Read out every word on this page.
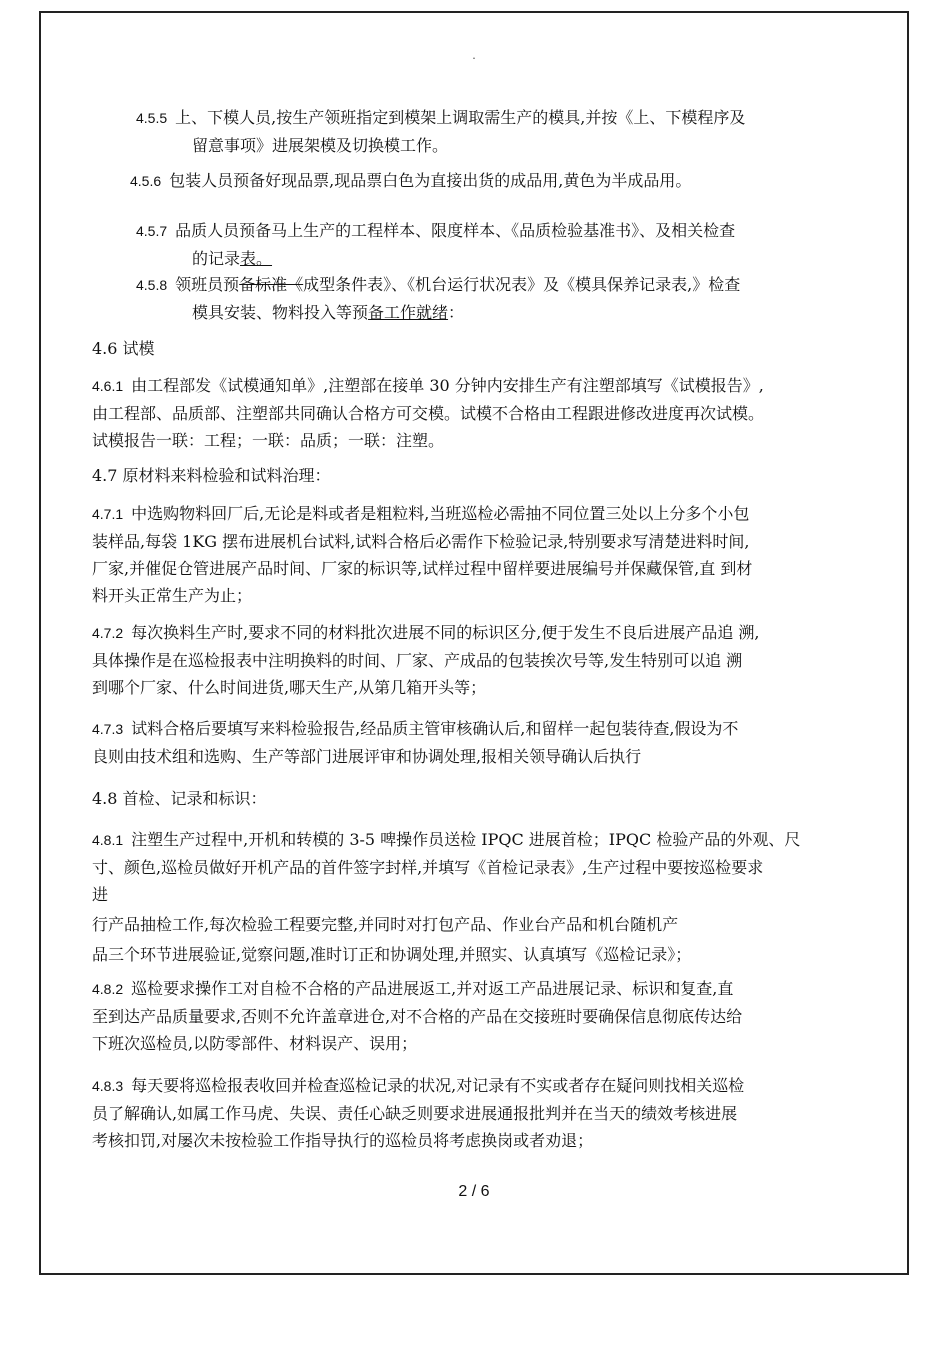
.
4.5.5 上、下模人员,按生产领班指定到模架上调取需生产的模具,并按《上、下模程序及
留意事项》进展架模及切换模工作。
4.5.6 包装人员预备好现品票,现品票白色为直接出货的成品用,黄色为半成品用。
4.5.7 品质人员预备马上生产的工程样本、限度样本、《品质检验基准书》、及相关检查
的记录表。
4.5.8 领班员预备标准《成型条件表》、《机台运行状况表》及《模具保养记录表,》检查
模具安装、物料投入等预备工作就绪：
4.6 试模
4.6.1 由工程部发《试模通知单》,注塑部在接单 30 分钟内安排生产有注塑部填写《试模报告》,
由工程部、品质部、注塑部共同确认合格方可交模。试模不合格由工程跟进修改进度再次试模。
试模报告一联：工程；一联：品质；一联：注塑。
4.7 原材料来料检验和试料治理：
4.7.1 中选购物料回厂后,无论是料或者是粗粒料,当班巡检必需抽不同位置三处以上分多个小包
装样品,每袋 1KG 摆布进展机台试料,试料合格后必需作下检验记录,特别要求写清楚进料时间,
厂家,并催促仓管进展产品时间、厂家的标识等,试样过程中留样要进展编号并保藏保管,直 到材
料开头正常生产为止；
4.7.2 每次换料生产时,要求不同的材料批次进展不同的标识区分,便于发生不良后进展产品追 溯,
具体操作是在巡检报表中注明换料的时间、厂家、产成品的包装挨次号等,发生特别可以追 溯
到哪个厂家、什么时间进货,哪天生产,从第几箱开头等；
4.7.3 试料合格后要填写来料检验报告,经品质主管审核确认后,和留样一起包装待查,假设为不
良则由技术组和选购、生产等部门进展评审和协调处理,报相关领导确认后执行
4.8 首检、记录和标识：
4.8.1 注塑生产过程中,开机和转模的 3-5 啤操作员送检 IPQC 进展首检；IPQC 检验产品的外观、尺
寸、颜色,巡检员做好开机产品的首件签字封样,并填写《首检记录表》,生产过程中要按巡检要求
进
行产品抽检工作,每次检验工程要完整,并同时对打包产品、作业台产品和机台随机产
品三个环节进展验证,觉察问题,准时订正和协调处理,并照实、认真填写《巡检记录》；
4.8.2 巡检要求操作工对自检不合格的产品进展返工,并对返工产品进展记录、标识和复查,直
至到达产品质量要求,否则不允许盖章进仓,对不合格的产品在交接班时要确保信息彻底传达给
下班次巡检员,以防零部件、材料误产、误用；
4.8.3 每天要将巡检报表收回并检查巡检记录的状况,对记录有不实或者存在疑问则找相关巡检
员了解确认,如属工作马虎、失误、责任心缺乏则要求进展通报批判并在当天的绩效考核进展
考核扣罚,对屡次未按检验工作指导执行的巡检员将考虑换岗或者劝退；
2 / 6
